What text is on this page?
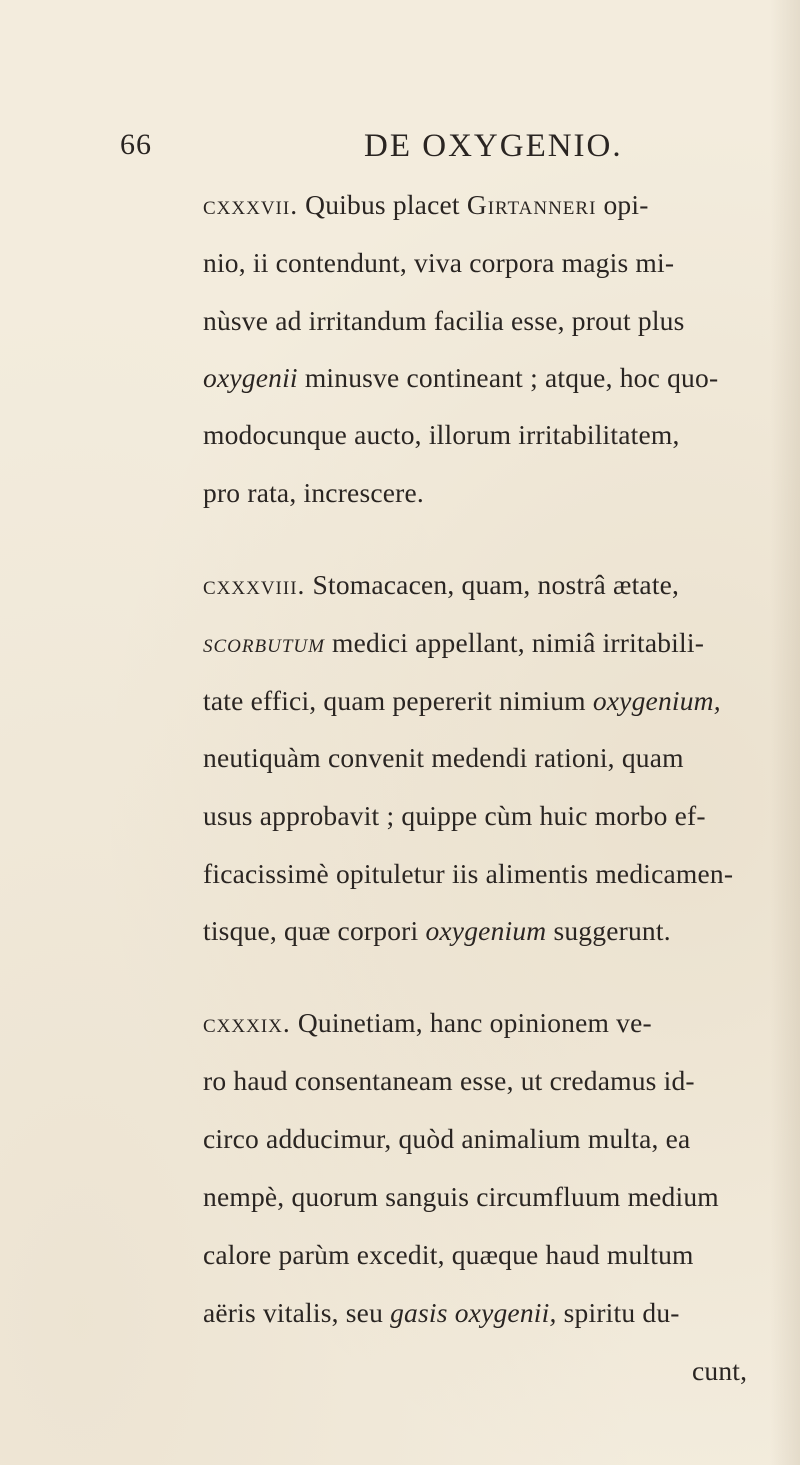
66	DE OXYGENIO.
cxxxvii. Quibus placet Girtanneri opi-
nio, ii contendunt, viva corpora magis mi-
nùsve ad irritandum facilia esse, prout plus
oxygenii minusve contineant ; atque, hoc quo-
modocunque aucto, illorum irritabilitatem,
pro rata, increscere.
cxxxviii. Stomacacen, quam, nostrâ ætate,
scorbutum medici appellant, nimiâ irritabili-
tate effici, quam pepererit nimium oxygenium,
neutiquàm convenit medendi rationi, quam
usus approbavit ; quippe cùm huic morbo ef-
ficacissimè opituletur iis alimentis medicamen-
tisque, quæ corpori oxygenium suggerunt.
cxxxix. Quinetiam, hanc opinionem ve-
ro haud consentaneam esse, ut credamus id-
circo adducimur, quòd animalium multa, ea
nempè, quorum sanguis circumfluum medium
calore parùm excedit, quæque haud multum
aëris vitalis, seu gasis oxygenii, spiritu du-
cunt,
